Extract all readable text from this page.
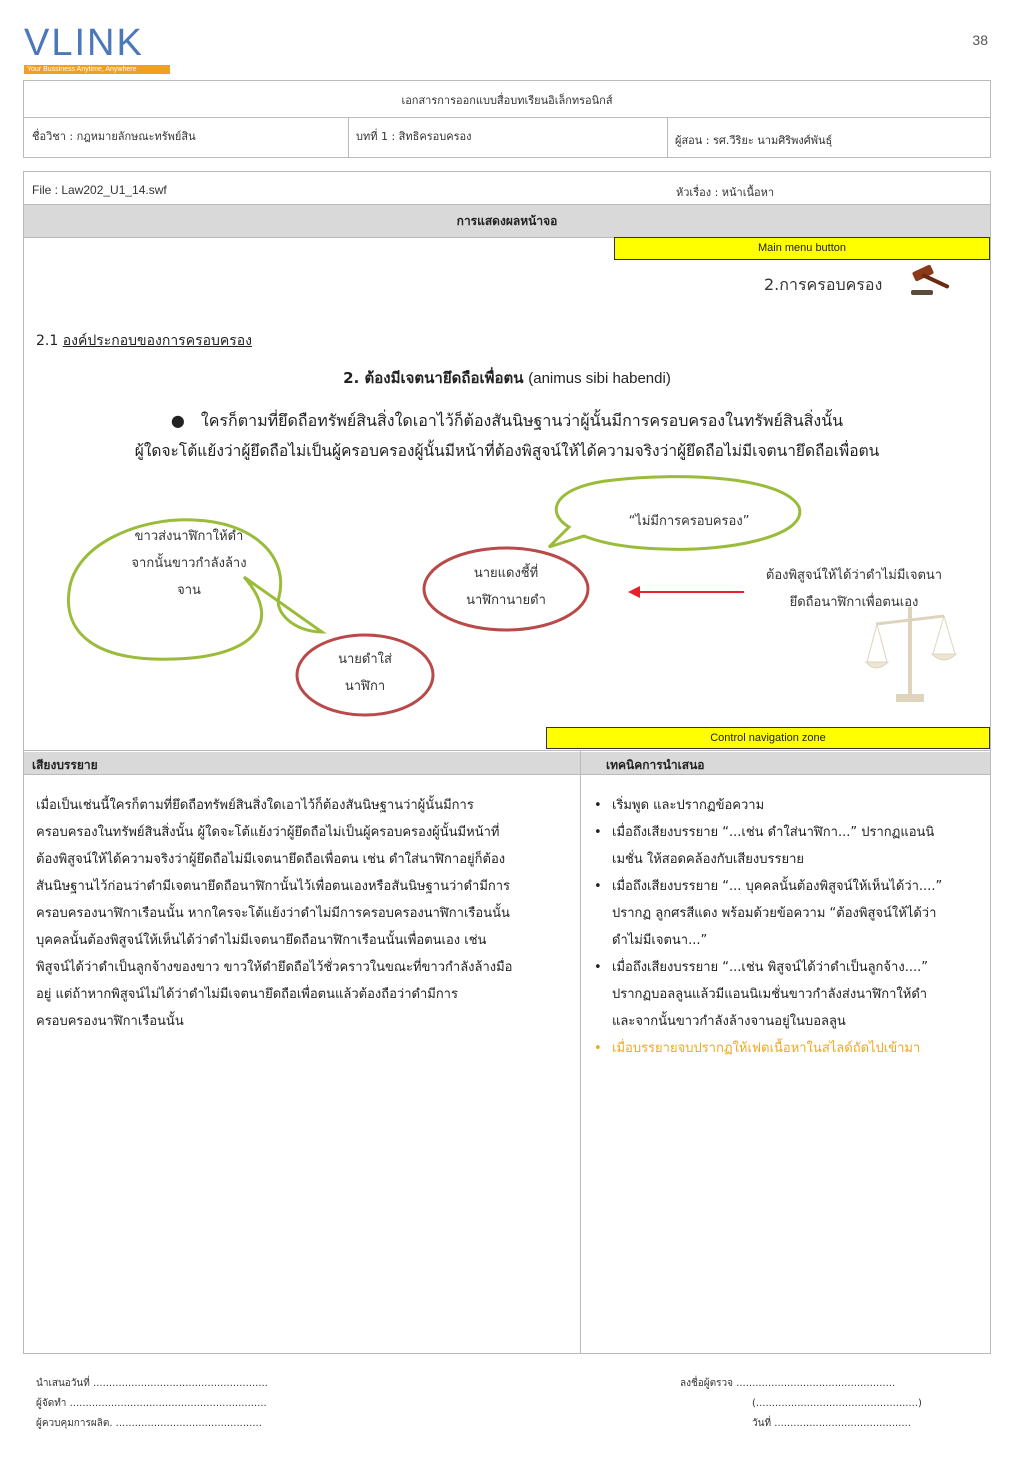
VLINK
Your Bussiness Anytime, Anywhere
38
เอกสารการออกแบบสื่อบทเรียนอิเล็กทรอนิกส์
ชื่อวิชา : กฎหมายลักษณะทรัพย์สิน	บทที่ 1 : สิทธิครอบครอง	ผู้สอน : รศ.วีริยะ นามศิริพงศ์พันธุ์
File : Law202_U1_14.swf	หัวเรื่อง : หน้าเนื้อหา
การแสดงผลหน้าจอ
Main menu button
2.การครอบครอง
2.1 องค์ประกอบของการครอบครอง
2. ต้องมีเจตนายึดถือเพื่อตน (animus sibi habendi)
● ใครก็ตามที่ยึดถือทรัพย์สินสิ่งใดเอาไว้ก็ต้องสันนิษฐานว่าผู้นั้นมีการครอบครองในทรัพย์สินสิ่งนั้น
ผู้ใดจะโต้แย้งว่าผู้ยึดถือไม่เป็นผู้ครอบครองผู้นั้นมีหน้าที่ต้องพิสูจน์ให้ได้ความจริงว่าผู้ยึดถือไม่มีเจตนายึดถือเพื่อตน
ขาวส่งนาฬิกาให้ดำ
จากนั้นขาวกำลังล้าง
จาน
“ไม่มีการครอบครอง”
นายแดงชี้ที่
นาฬิกานายดำ
นายดำใส่
นาฬิกา
ต้องพิสูจน์ให้ได้ว่าดำไม่มีเจตนา
ยึดถือนาฬิกาเพื่อตนเอง
Control navigation zone
เสียงบรรยาย	เทคนิคการนำเสนอ
เมื่อเป็นเช่นนี้ใครก็ตามที่ยึดถือทรัพย์สินสิ่งใดเอาไว้ก็ต้องสันนิษฐานว่าผู้นั้นมีการ
ครอบครองในทรัพย์สินสิ่งนั้น ผู้ใดจะโต้แย้งว่าผู้ยึดถือไม่เป็นผู้ครอบครองผู้นั้นมีหน้าที่
ต้องพิสูจน์ให้ได้ความจริงว่าผู้ยึดถือไม่มีเจตนายึดถือเพื่อตน เช่น ดำใส่นาฬิกาอยู่ก็ต้อง
สันนิษฐานไว้ก่อนว่าดำมีเจตนายึดถือนาฬิกานั้นไว้เพื่อตนเองหรือสันนิษฐานว่าดำมีการ
ครอบครองนาฬิกาเรือนนั้น หากใครจะโต้แย้งว่าดำไม่มีการครอบครองนาฬิกาเรือนนั้น
บุคคลนั้นต้องพิสูจน์ให้เห็นได้ว่าดำไม่มีเจตนายึดถือนาฬิกาเรือนนั้นเพื่อตนเอง เช่น
พิสูจน์ได้ว่าดำเป็นลูกจ้างของขาว ขาวให้ดำยึดถือไว้ชั่วคราวในขณะที่ขาวกำลังล้างมือ
อยู่ แต่ถ้าหากพิสูจน์ไม่ได้ว่าดำไม่มีเจตนายึดถือเพื่อตนแล้วต้องถือว่าดำมีการ
ครอบครองนาฬิกาเรือนนั้น
• เริ่มพูด และปรากฏข้อความ
• เมื่อถึงเสียงบรรยาย “...เช่น ดำใส่นาฬิกา...” ปรากฏแอนนิ
เมชั่น ให้สอดคล้องกับเสียงบรรยาย
• เมื่อถึงเสียงบรรยาย “... บุคคลนั้นต้องพิสูจน์ให้เห็นได้ว่า....”
ปรากฏ ลูกศรสีแดง พร้อมด้วยข้อความ “ต้องพิสูจน์ให้ได้ว่า
ดำไม่มีเจตนา...”
• เมื่อถึงเสียงบรรยาย “...เช่น พิสูจน์ได้ว่าดำเป็นลูกจ้าง....”
ปรากฏบอลลูนแล้วมีแอนนิเมชั่นขาวกำลังส่งนาฬิกาให้ดำ
และจากนั้นขาวกำลังล้างจานอยู่ในบอลลูน
• เมื่อบรรยายจบปรากฏให้เฟดเนื้อหาในสไลด์ถัดไปเข้ามา
นำเสนอวันที่ .......................................................
ผู้จัดทำ ..............................................................
ผู้ควบคุมการผลิต. ..............................................
ลงชื่อผู้ตรวจ ..................................................
(...................................................)
วันที่ ...........................................
